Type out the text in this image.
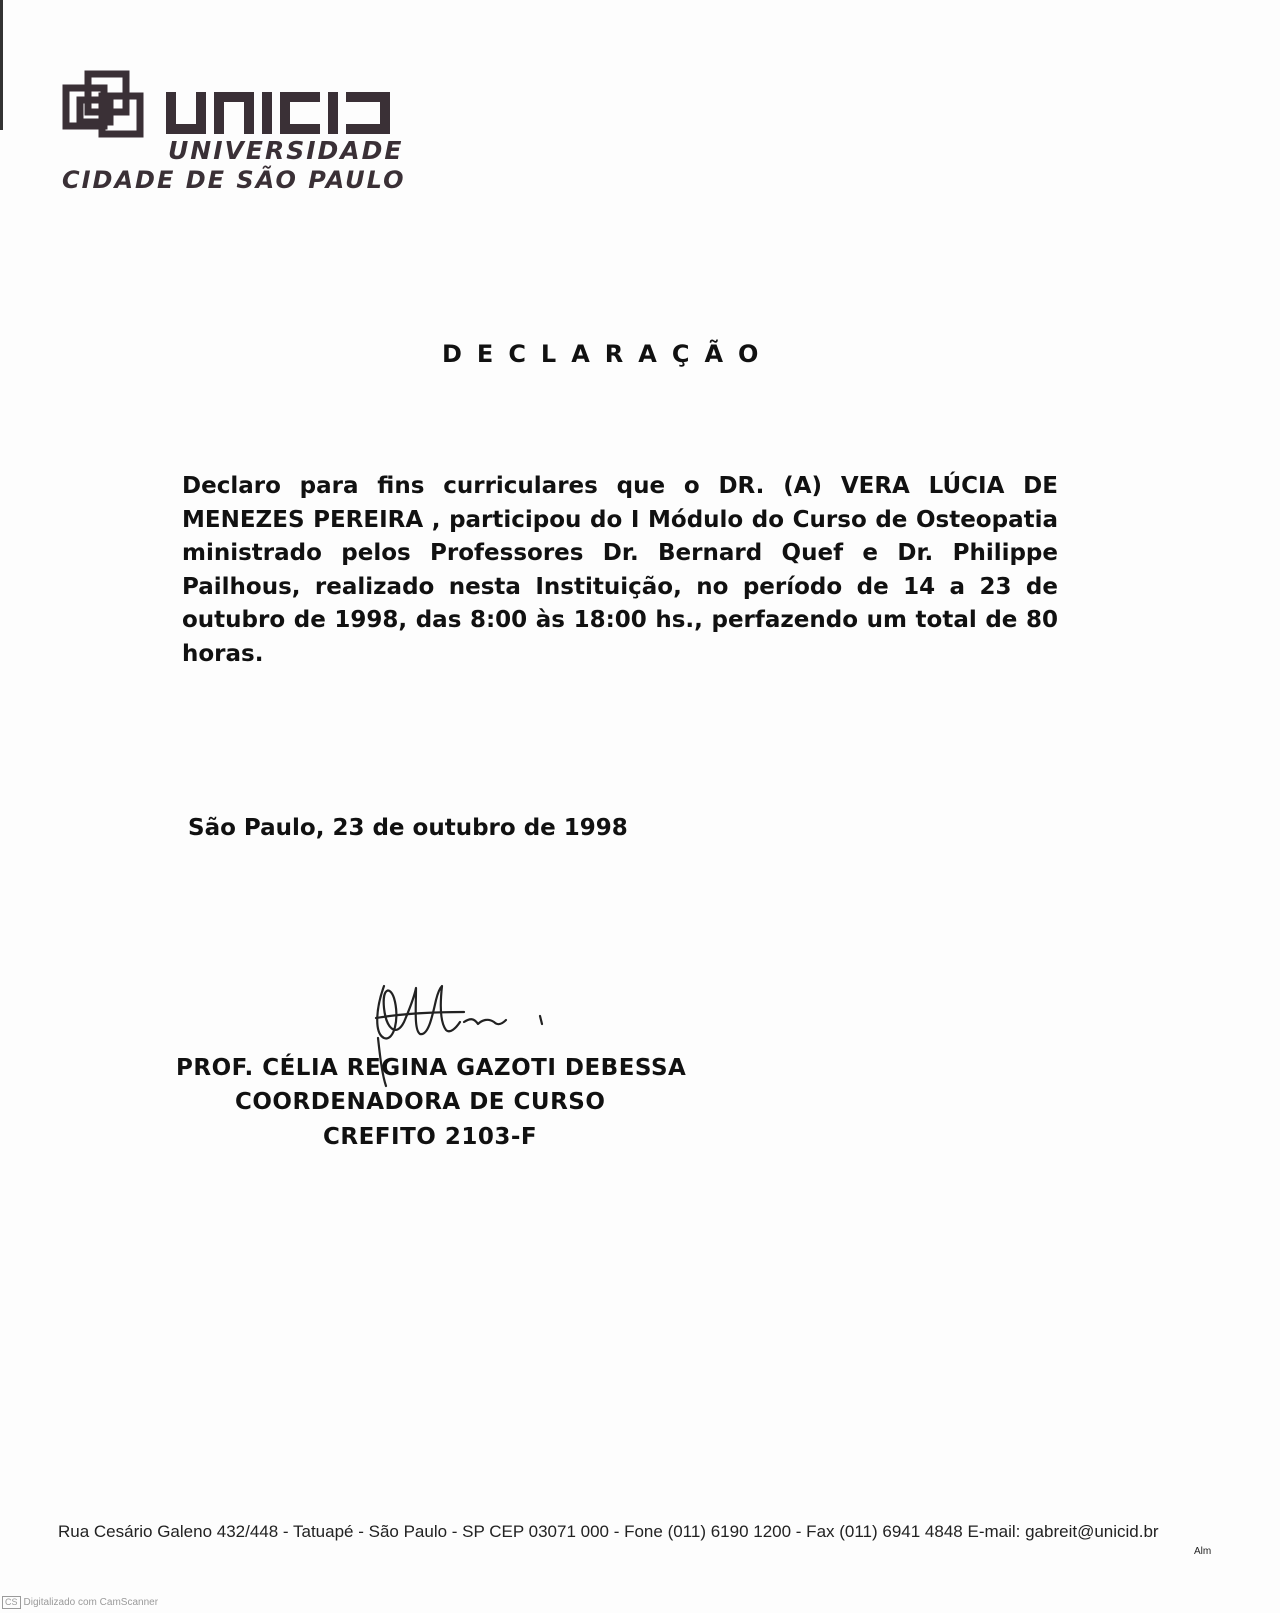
UNIVERSIDADE
CIDADE DE SÃO PAULO
DECLARAÇÃO
Declaro para fins curriculares que o DR. (A) VERA LÚCIA DE MENEZES PEREIRA , participou do I Módulo do Curso de Osteopatia ministrado pelos Professores Dr. Bernard Quef e Dr. Philippe Pailhous, realizado nesta Instituição, no período de 14 a 23 de outubro de 1998, das 8:00 às 18:00 hs., perfazendo um total de 80 horas.
São Paulo, 23 de outubro de 1998
PROF. CÉLIA REGINA GAZOTI DEBESSA
COORDENADORA DE CURSO
CREFITO 2103-F
Rua Cesário Galeno 432/448 - Tatuapé - São Paulo - SP CEP 03071 000 - Fone (011) 6190 1200 - Fax (011) 6941 4848 E-mail: gabreit@unicid.br
Alm
CS Digitalizado com CamScanner
